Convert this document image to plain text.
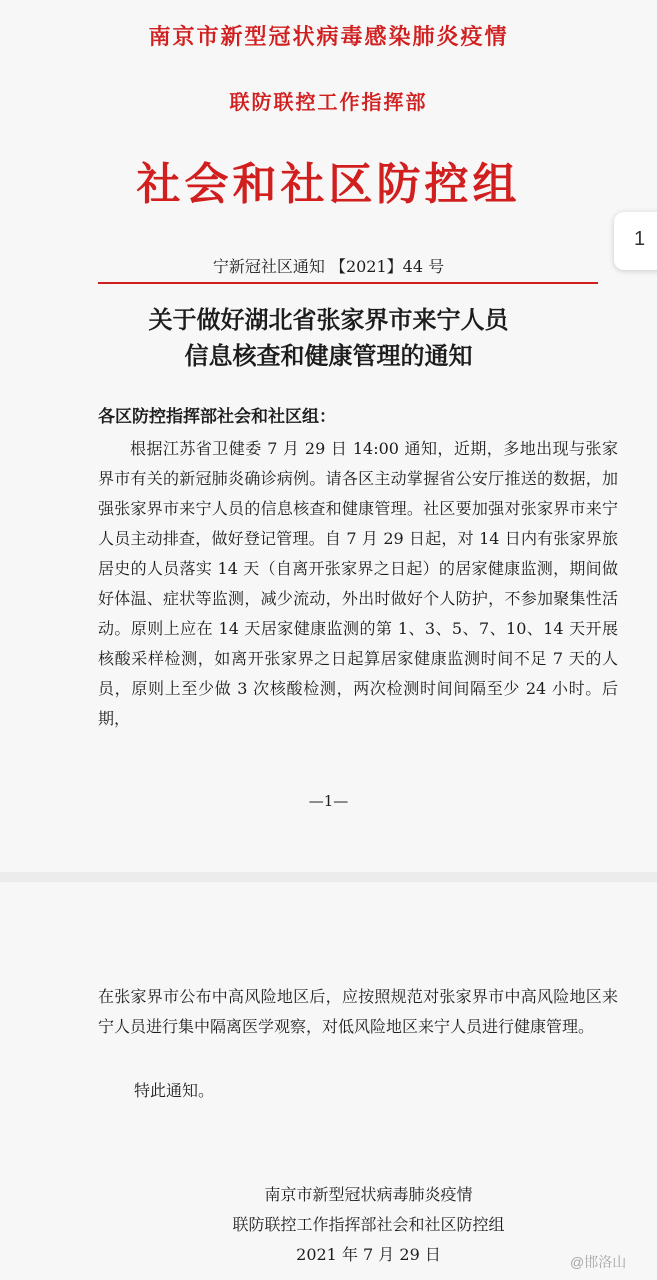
南京市新型冠状病毒感染肺炎疫情
联防联控工作指挥部
社会和社区防控组
宁新冠社区通知 【2021】44 号
关于做好湖北省张家界市来宁人员
信息核查和健康管理的通知
各区防控指挥部社会和社区组：

根据江苏省卫健委 7 月 29 日 14:00 通知，近期，多地出现与张家界市有关的新冠肺炎确诊病例。请各区主动掌握省公安厅推送的数据，加强张家界市来宁人员的信息核查和健康管理。社区要加强对张家界市来宁人员主动排查，做好登记管理。自 7 月 29 日起，对 14 日内有张家界旅居史的人员落实 14 天（自离开张家界之日起）的居家健康监测，期间做好体温、症状等监测，减少流动，外出时做好个人防护，不参加聚集性活动。原则上应在 14 天居家健康监测的第 1、3、5、7、10、14 天开展核酸采样检测，如离开张家界之日起算居家健康监测时间不足 7 天的人员，原则上至少做 3 次核酸检测，两次检测时间间隔至少 24 小时。后期，

—1—

在张家界市公布中高风险地区后，应按照规范对张家界市中高风险地区来宁人员进行集中隔离医学观察，对低风险地区来宁人员进行健康管理。

特此通知。
南京市新型冠状病毒肺炎疫情
联防联控工作指挥部社会和社区防控组
2021 年 7 月 29 日
1
@邯洛山
